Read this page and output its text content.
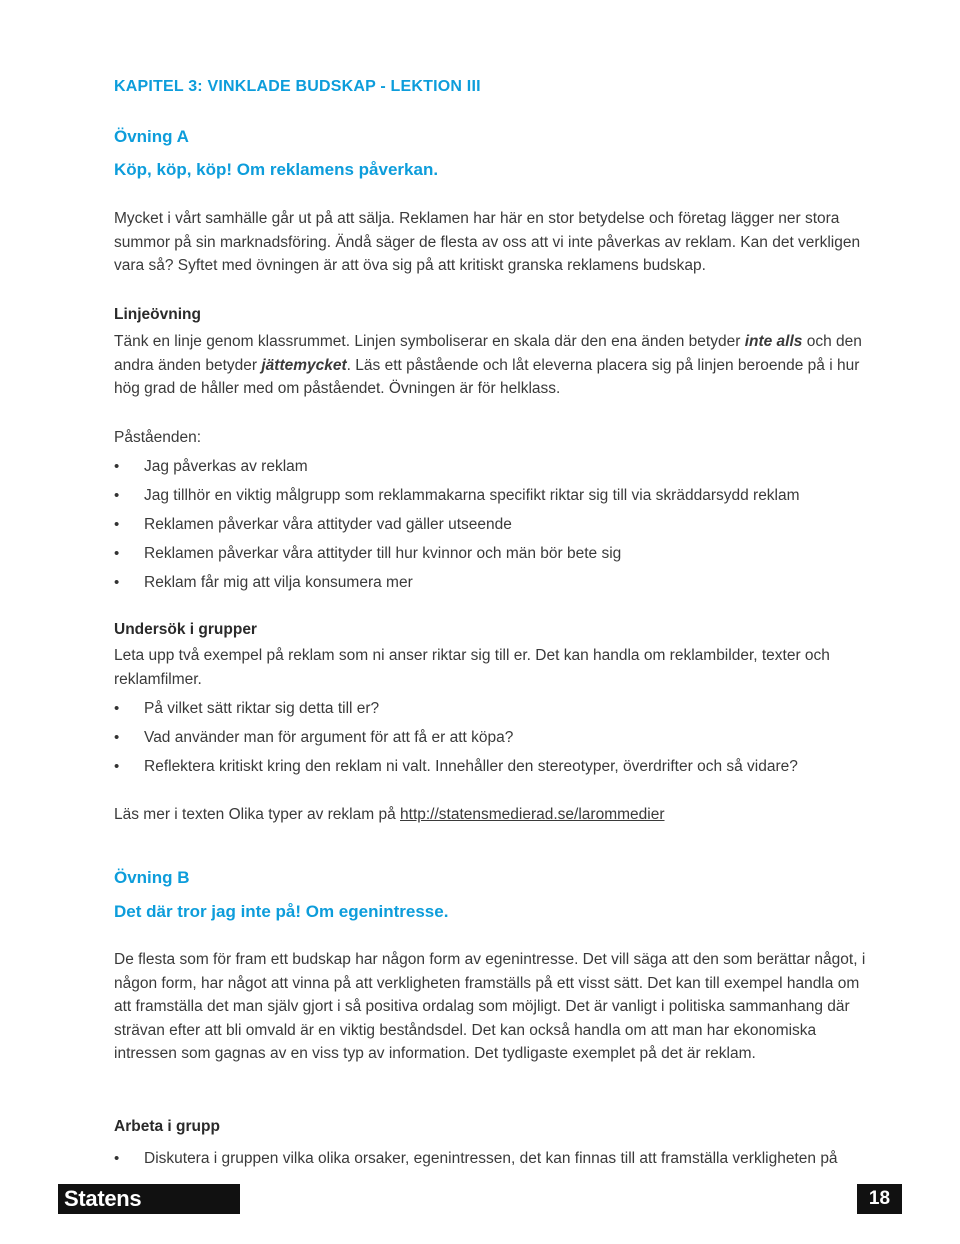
KAPITEL 3: VINKLADE BUDSKAP - LEKTION III
Övning A
Köp, köp, köp! Om reklamens påverkan.
Mycket i vårt samhälle går ut på att sälja. Reklamen har här en stor betydelse och företag lägger ner stora summor på sin marknadsföring. Ändå säger de flesta av oss att vi inte påverkas av reklam. Kan det verkligen vara så? Syftet med övningen är att öva sig på att kritiskt granska reklamens budskap.
Linjeövning
Tänk en linje genom klassrummet. Linjen symboliserar en skala där den ena änden betyder inte alls och den andra änden betyder jättemycket. Läs ett påstående och låt eleverna placera sig på linjen beroende på i hur hög grad de håller med om påståendet. Övningen är för helklass.
Påståenden:
• Jag påverkas av reklam
• Jag tillhör en viktig målgrupp som reklammakarna specifikt riktar sig till via skräddarsydd reklam
• Reklamen påverkar våra attityder vad gäller utseende
• Reklamen påverkar våra attityder till hur kvinnor och män bör bete sig
• Reklam får mig att vilja konsumera mer
Undersök i grupper
Leta upp två exempel på reklam som ni anser riktar sig till er. Det kan handla om reklambilder, texter och reklamfilmer.
• På vilket sätt riktar sig detta till er?
• Vad använder man för argument för att få er att köpa?
• Reflektera kritiskt kring den reklam ni valt. Innehåller den stereotyper, överdrifter och så vidare?
Läs mer i texten Olika typer av reklam på http://statensmedierad.se/larommedier
Övning B
Det där tror jag inte på! Om egenintresse.
De flesta som för fram ett budskap har någon form av egenintresse. Det vill säga att den som berättar något, i någon form, har något att vinna på att verkligheten framställs på ett visst sätt. Det kan till exempel handla om att framställa det man själv gjort i så positiva ordalag som möjligt. Det är vanligt i politiska sammanhang där strävan efter att bli omvald är en viktig beståndsdel. Det kan också handla om att man har ekonomiska intressen som gagnas av en viss typ av information. Det tydligaste exemplet på det är reklam.
Arbeta i grupp
• Diskutera i gruppen vilka olika orsaker, egenintressen, det kan finnas till att framställa verkligheten på
Statens medieråd
18
